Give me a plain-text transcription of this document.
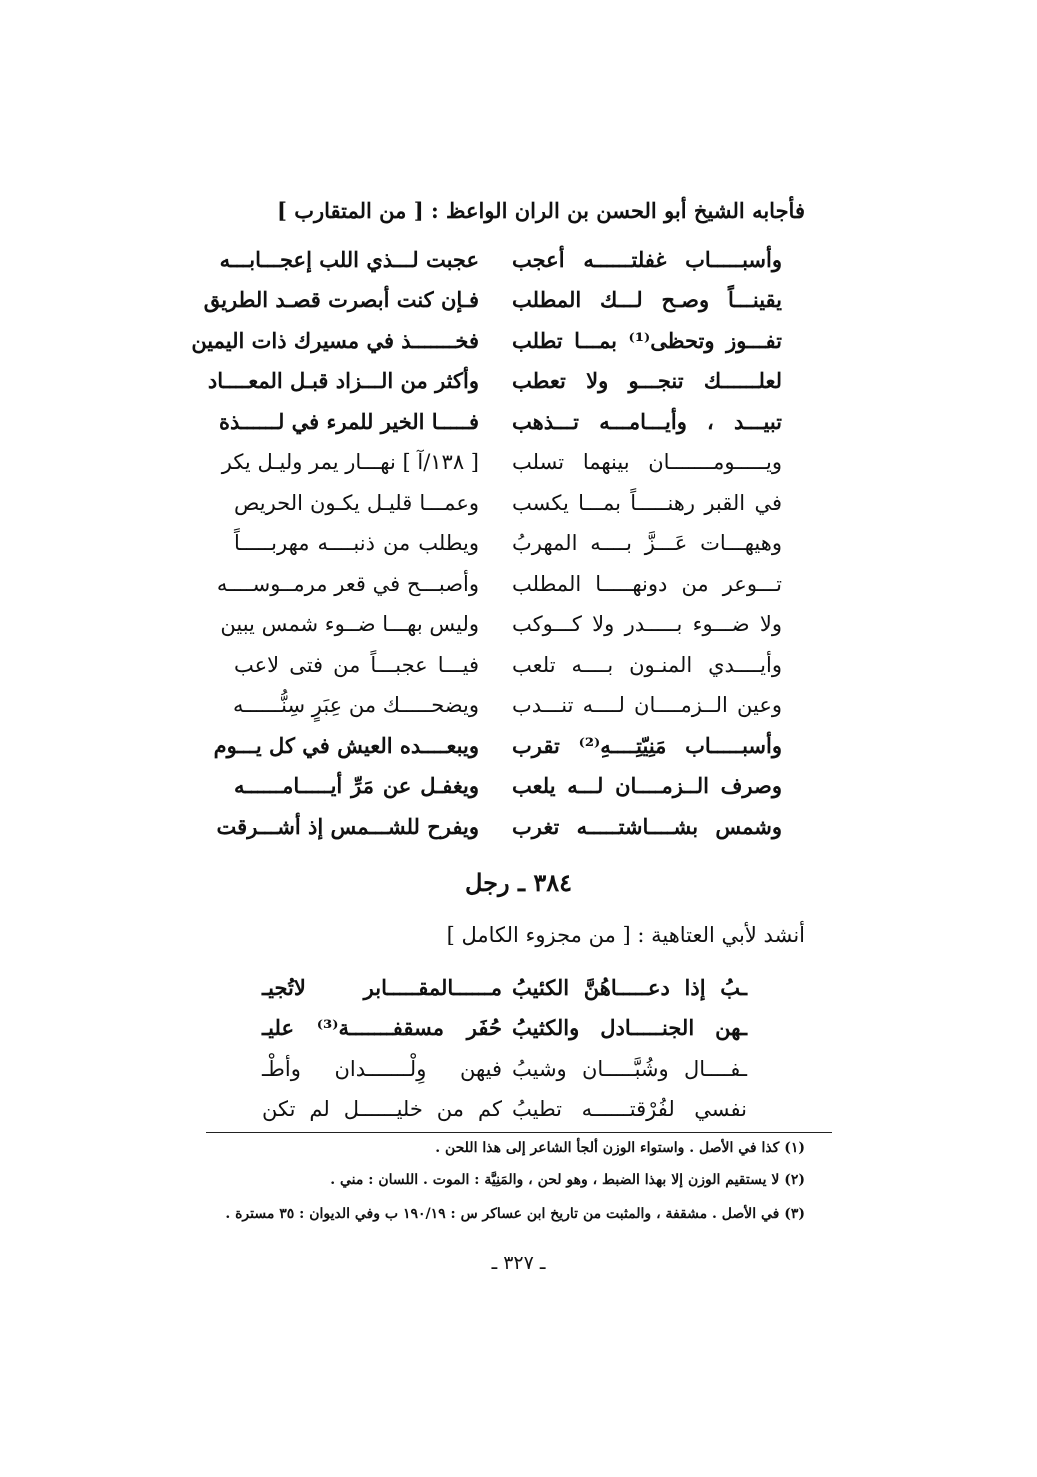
فأجابه الشيخ أبو الحسن بن الران الواعظ : [ من المتقارب ]
عجبت لـــذي اللب إعجـــابـــه وأسبـــــاب غفلتــــــه أعجب
فـإن كنت أبصرت قصـد الطريق يقينـــاً وصـح لـــك المطلب
فخـــــــذ في مسيرك ذات اليمين تفـــوز وتحظى⁽¹⁾ بمـــا تطلب
وأكثر من الـــزاد قبـل المعــــاد لعلــــــك تنجـــو ولا تعطب
فـــــا الخير للمرء في لــــــذة تبيـــد ، وأيـــامـــه تـــذهب
[ ١٣٨/آ ] نهـــار يمر وليـل يكر ويـــــومـــــــان بينهما تسلب
وعمـــا قليـل يكـون الحريص في القبر رهنـــــاً بمـــا يكسب
ويطلب من ذنبــــه مهربـــــاً وهيهـــات عَـــزَّ بــــه المهربُ
وأصبـــح في قعر مرمــوســــه تـــوعر من دونهـــــا المطلب
وليس بهـــا ضــوء شمس يبين ولا ضـــوء بـــــدر ولا كـــوكب
فيـــا عجبـــاً من فتى لاعب وأيــــدي المنـون بــــه تلعب
ويضحـــــك من عِبَرٍ سِنُّــــــه وعين الــزمــــان لــــه تنـــدب
ويبعــــده العيش في كل يـــوم وأسبـــــاب مَنِيّتِــــهِ⁽²⁾ تقرب
ويغفـل عن مَرِّ أيـــــامــــــه وصرف الــزمــــان لـــه يلعب
ويفرح للشـــمس إذ أشـــرقت وشمس بشــــاشتـــــه تغرب
٣٨٤ ـ رجل
أنشد لأبي العتاهية : [ من مجزوء الكامل ]
مــــــالمقـــــابر لاتُجيـ ـبُ إذا دعـــــاهُنَّ الكئيبُ
حُفَر مسقفـــــــة⁽³⁾ عليـ ـهن الجنـــــادل والكثيبُ
فيهن وِلْـــــــدان وأطْـ ـفــــال وشُبَّـــــان وشيبُ
كم من خليــــــل لم تكن نفسي لفُرْقتــــــه تطيبُ
(١) كذا في الأصل . واستواء الوزن ألجأ الشاعر إلى هذا اللحن .
(٢) لا يستقيم الوزن إلا بهذا الضبط ، وهو لحن ، والمَنِيَّة : الموت . اللسان : مني .
(٣) في الأصل . مشقفة ، والمثبت من تاريخ ابن عساكر س : ١٩٠/١٩ ب وفي الديوان : ٣٥ مسترة .
ـ ٣٢٧ ـ
